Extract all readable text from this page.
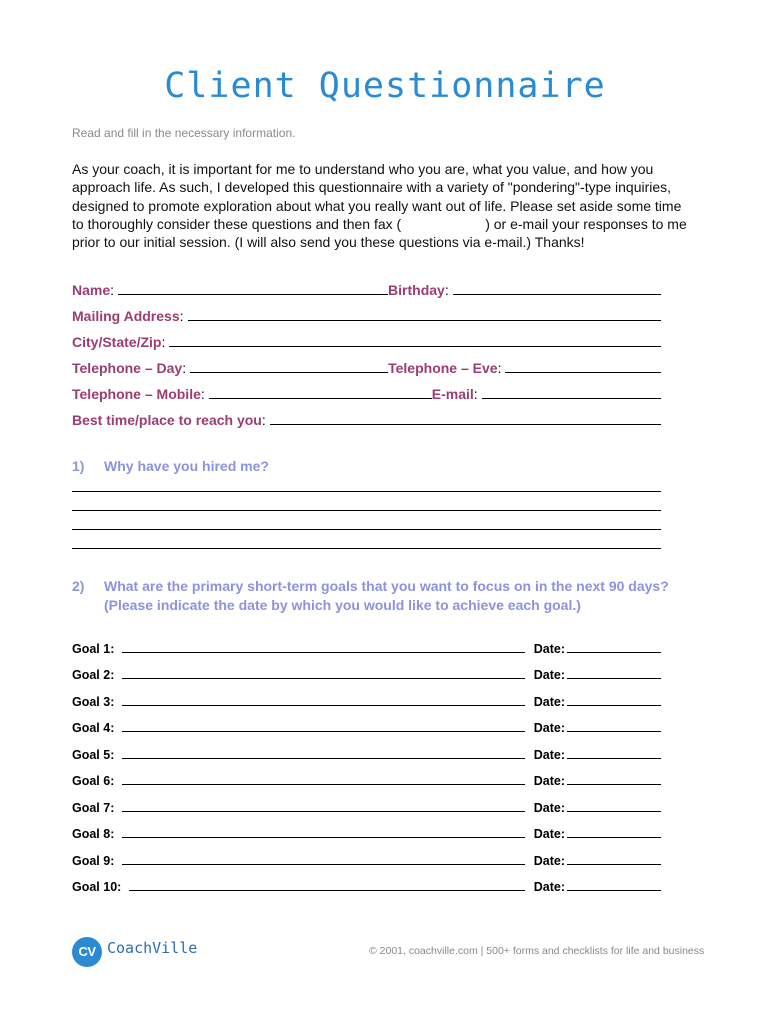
Client Questionnaire
Read and fill in the necessary information.
As your coach, it is important for me to understand who you are, what you value, and how you approach life. As such, I developed this questionnaire with a variety of "pondering"-type inquiries, designed to promote exploration about what you really want out of life. Please set aside some time to thoroughly consider these questions and then fax (	) or e-mail your responses to me prior to our initial session. (I will also send you these questions via e-mail.) Thanks!
Name :	Birthday :
Mailing Address :
City/State/Zip :
Telephone – Day :	Telephone – Eve :
Telephone – Mobile :	E-mail :
Best time/place to reach you :
1) Why have you hired me?
2) What are the primary short-term goals that you want to focus on in the next 90 days?
(Please indicate the date by which you would like to achieve each goal.)
Goal 1:	Date:
Goal 2:	Date:
Goal 3:	Date:
Goal 4:	Date:
Goal 5:	Date:
Goal 6:	Date:
Goal 7:	Date:
Goal 8:	Date:
Goal 9:	Date:
Goal 10:	Date:
CV CoachVille	© 2001, coachville.com | 500+ forms and checklists for life and business
